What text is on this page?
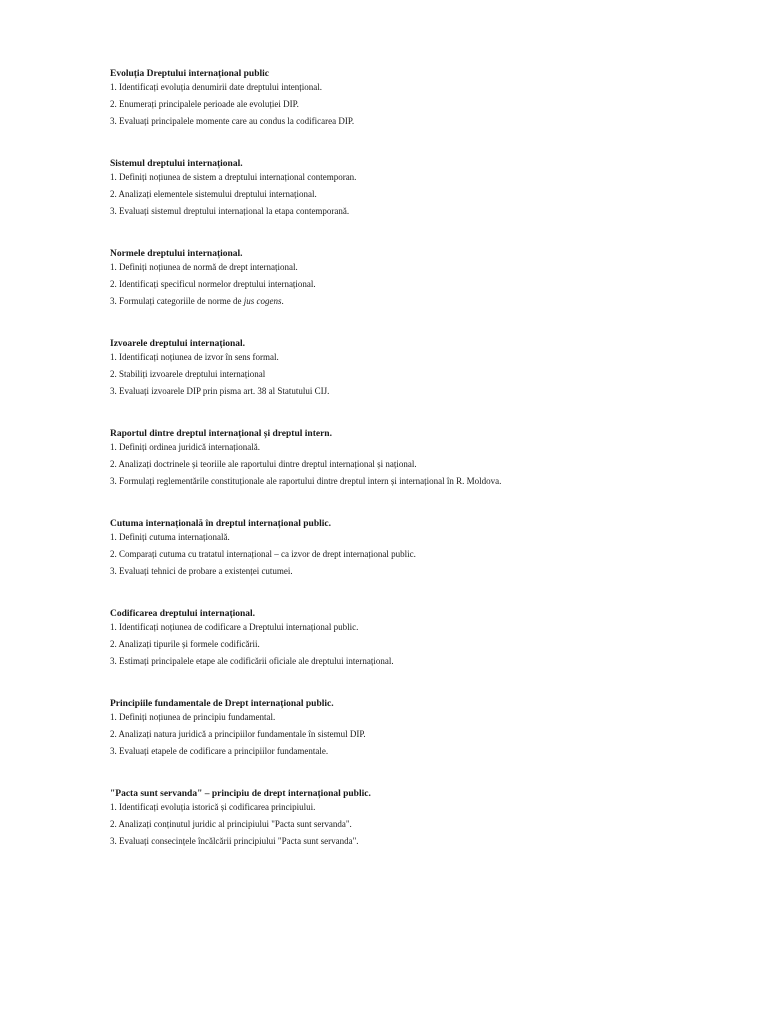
Evoluția Dreptului internațional public
1. Identificați evoluția denumirii date dreptului intențional.
2. Enumerați principalele perioade ale evoluției DIP.
3. Evaluați principalele momente care au condus la codificarea DIP.
Sistemul dreptului internațional.
1. Definiți noțiunea de sistem a dreptului internațional contemporan.
2. Analizați elementele sistemului dreptului internațional.
3. Evaluați sistemul dreptului internațional la etapa contemporană.
Normele dreptului internațional.
1. Definiți noțiunea de normă de drept internațional.
2. Identificați specificul normelor dreptului internațional.
3. Formulați categoriile de norme de jus cogens.
Izvoarele dreptului internațional.
1. Identificați noțiunea de izvor în sens formal.
2. Stabiliți izvoarele dreptului internațional
3. Evaluați izvoarele DIP prin pisma art. 38 al Statutului CIJ.
Raportul dintre dreptul internațional și dreptul intern.
1. Definiți ordinea juridică internațională.
2. Analizați doctrinele și teoriile ale raportului dintre dreptul internațional și național.
3. Formulați reglementările constituționale ale raportului dintre dreptul intern și internațional în R. Moldova.
Cutuma internațională în dreptul internațional public.
1. Definiți cutuma internațională.
2. Comparați cutuma cu tratatul internațional – ca izvor de drept internațional public.
3. Evaluați tehnici de probare a existenței cutumei.
Codificarea dreptului internațional.
1. Identificați noțiunea de codificare a Dreptului internațional public.
2. Analizați tipurile și formele codificării.
3. Estimați principalele etape ale codificării oficiale ale dreptului internațional.
Principiile fundamentale de Drept internațional public.
1. Definiți noțiunea de principiu fundamental.
2. Analizați natura juridică a principiilor fundamentale în sistemul DIP.
3. Evaluați etapele de codificare a principiilor fundamentale.
"Pacta sunt servanda" – principiu de drept internațional public.
1. Identificați evoluția istorică și codificarea principiului.
2. Analizați conținutul juridic al principiului "Pacta sunt servanda".
3. Evaluați consecințele încălcării principiului "Pacta sunt servanda".
